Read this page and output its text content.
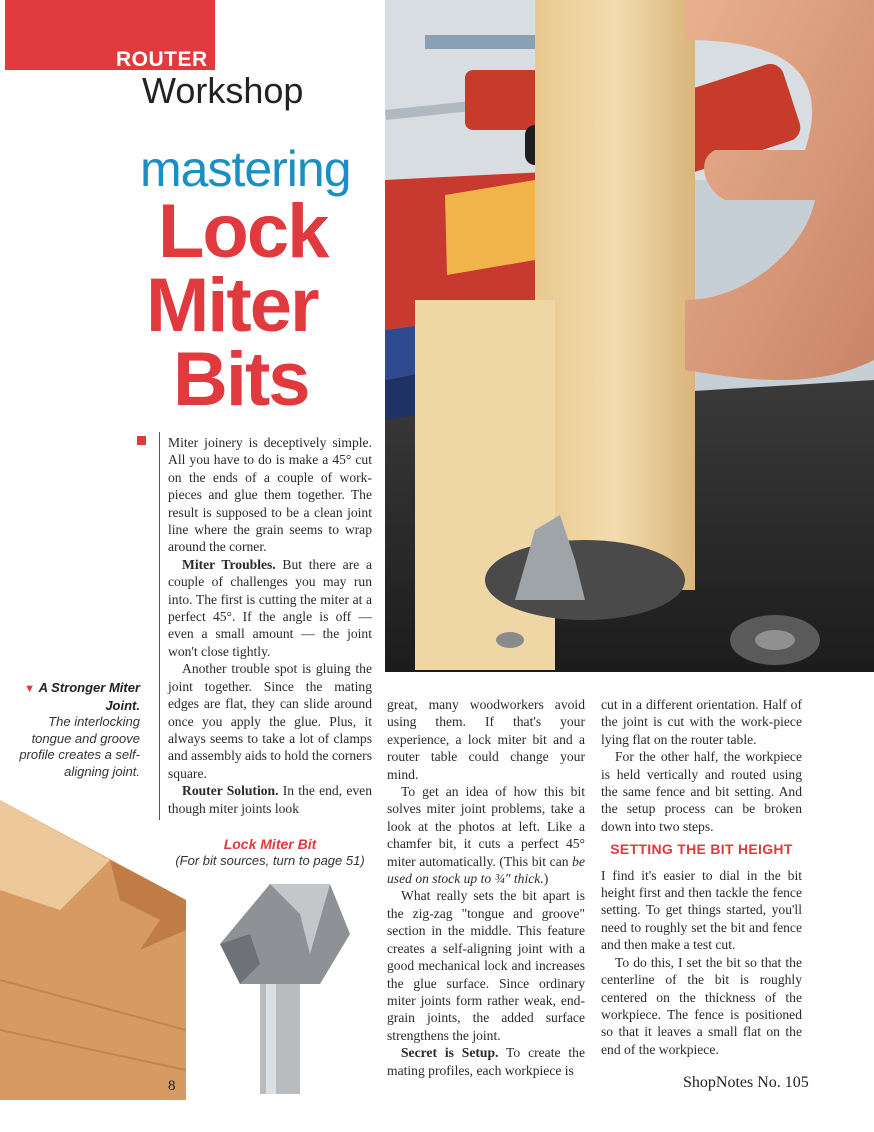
ROUTER
Workshop
mastering
Lock
Miter
Bits

Miter joinery is deceptively simple. All you have to do is make a 45° cut on the ends of a couple of work-pieces and glue them together. The result is supposed to be a clean joint line where the grain seems to wrap around the corner.

Miter Troubles. But there are a couple of challenges you may run into. The first is cutting the miter at a perfect 45°. If the angle is off — even a small amount — the joint won't close tightly.

Another trouble spot is gluing the joint together. Since the mating edges are flat, they can slide around once you apply the glue. Plus, it always seems to take a lot of clamps and assembly aids to hold the corners square.

Router Solution. In the end, even though miter joints look

▼ A Stronger Miter Joint.
The interlocking tongue and groove profile creates a self-aligning joint.
Lock Miter Bit
(For bit sources, turn to page 51)

great, many woodworkers avoid using them. If that's your experience, a lock miter bit and a router table could change your mind.

To get an idea of how this bit solves miter joint problems, take a look at the photos at left. Like a chamfer bit, it cuts a perfect 45° miter automatically. (This bit can be used on stock up to ¾" thick.)

What really sets the bit apart is the zig-zag "tongue and groove" section in the middle. This feature creates a self-aligning joint with a good mechanical lock and increases the glue surface. Since ordinary miter joints form rather weak, end-grain joints, the added surface strengthens the joint.

Secret is Setup. To create the mating profiles, each workpiece is

cut in a different orientation. Half of the joint is cut with the work-piece lying flat on the router table.

For the other half, the workpiece is held vertically and routed using the same fence and bit setting. And the setup process can be broken down into two steps.

SETTING THE BIT HEIGHT

I find it's easier to dial in the bit height first and then tackle the fence setting. To get things started, you'll need to roughly set the bit and fence and then make a test cut.

To do this, I set the bit so that the centerline of the bit is roughly centered on the thickness of the workpiece. The fence is positioned so that it leaves a small flat on the end of the workpiece.

8	ShopNotes No. 105
